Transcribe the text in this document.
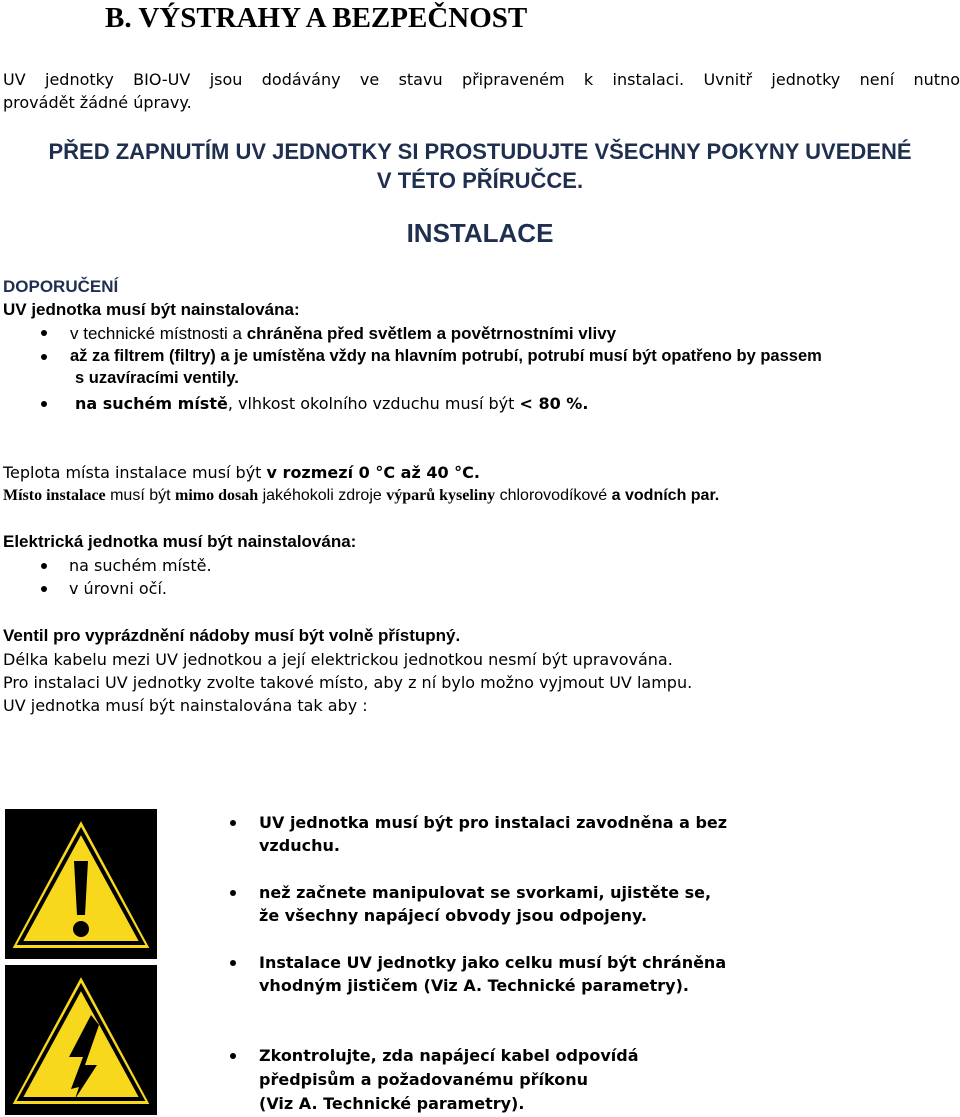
B. VÝSTRAHY A BEZPEČNOST
UV jednotky BIO-UV jsou dodávány ve stavu připraveném k instalaci. Uvnitř jednotky není nutno
provádět žádné úpravy.
PŘED ZAPNUTÍM UV JEDNOTKY SI PROSTUDUJTE VŠECHNY POKYNY UVEDENÉ
V TÉTO PŘÍRUČCE.
INSTALACE
DOPORUČENÍ
UV jednotka musí být nainstalována:
v technické místnosti a chráněna před světlem a povětrnostními vlivy
až za filtrem (filtry) a je umístěna vždy na hlavním potrubí, potrubí musí být opatřeno by passem
s uzavíracími ventily.
na suchém místě, vlhkost okolního vzduchu musí být < 80 %.
Teplota místa instalace musí být v rozmezí 0 °C až 40 °C.
Místo instalace musí být mimo dosah jakéhokoli zdroje výparů kyseliny chlorovodíkové a vodních par.
Elektrická jednotka musí být nainstalována:
na suchém místě.
v úrovni očí.
Ventil pro vyprázdnění nádoby musí být volně přístupný.
Délka kabelu mezi UV jednotkou a její elektrickou jednotkou nesmí být upravována.
Pro instalaci UV jednotky zvolte takové místo, aby z ní bylo možno vyjmout UV lampu.
UV jednotka musí být nainstalována tak aby :
UV jednotka musí být pro instalaci zavodněna a bez
vzduchu.
než začnete manipulovat se svorkami, ujistěte se,
že všechny napájecí obvody jsou odpojeny.
Instalace UV jednotky jako celku musí být chráněna
vhodným jističem (Viz A. Technické parametry).
Zkontrolujte, zda napájecí kabel odpovídá
předpisům a požadovanému příkonu
(Viz A. Technické parametry).
